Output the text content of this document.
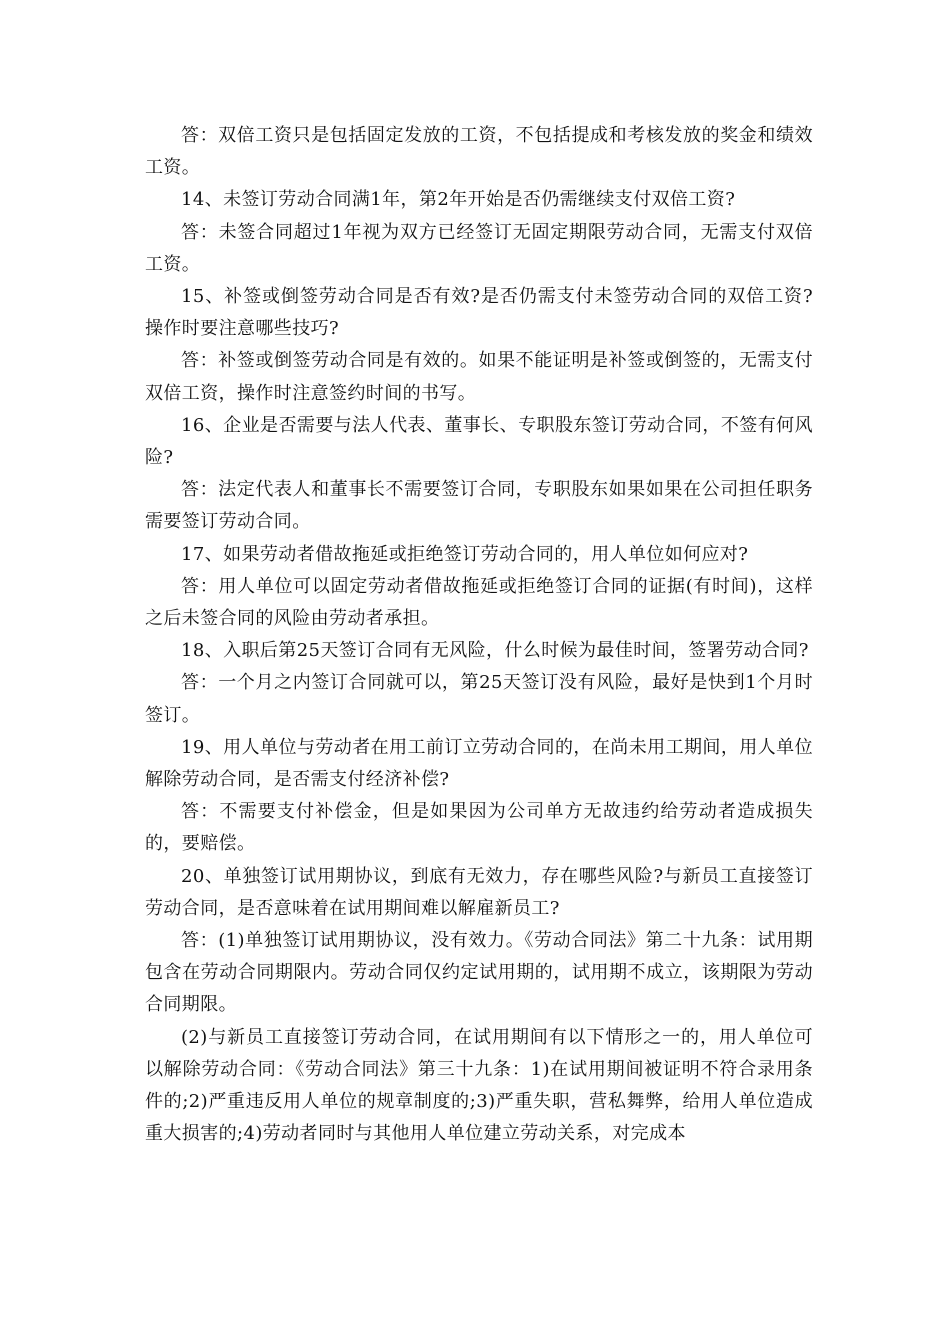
答：双倍工资只是包括固定发放的工资，不包括提成和考核发放的奖金和绩效工资。

14、未签订劳动合同满1年，第2年开始是否仍需继续支付双倍工资?

答：未签合同超过1年视为双方已经签订无固定期限劳动合同，无需支付双倍工资。

15、补签或倒签劳动合同是否有效?是否仍需支付未签劳动合同的双倍工资?操作时要注意哪些技巧?

答：补签或倒签劳动合同是有效的。如果不能证明是补签或倒签的，无需支付双倍工资，操作时注意签约时间的书写。

16、企业是否需要与法人代表、董事长、专职股东签订劳动合同，不签有何风险?

答：法定代表人和董事长不需要签订合同，专职股东如果如果在公司担任职务需要签订劳动合同。

17、如果劳动者借故拖延或拒绝签订劳动合同的，用人单位如何应对?

答：用人单位可以固定劳动者借故拖延或拒绝签订合同的证据(有时间)，这样之后未签合同的风险由劳动者承担。

18、入职后第25天签订合同有无风险，什么时候为最佳时间，签署劳动合同?

答：一个月之内签订合同就可以，第25天签订没有风险，最好是快到1个月时签订。

19、用人单位与劳动者在用工前订立劳动合同的，在尚未用工期间，用人单位解除劳动合同，是否需支付经济补偿?

答：不需要支付补偿金，但是如果因为公司单方无故违约给劳动者造成损失的，要赔偿。

20、单独签订试用期协议，到底有无效力，存在哪些风险?与新员工直接签订劳动合同，是否意味着在试用期间难以解雇新员工?

答：(1)单独签订试用期协议，没有效力。《劳动合同法》第二十九条：试用期包含在劳动合同期限内。劳动合同仅约定试用期的，试用期不成立，该期限为劳动合同期限。

(2)与新员工直接签订劳动合同，在试用期间有以下情形之一的，用人单位可以解除劳动合同：《劳动合同法》第三十九条：1)在试用期间被证明不符合录用条件的;2)严重违反用人单位的规章制度的;3)严重失职，营私舞弊，给用人单位造成重大损害的;4)劳动者同时与其他用人单位建立劳动关系，对完成本
